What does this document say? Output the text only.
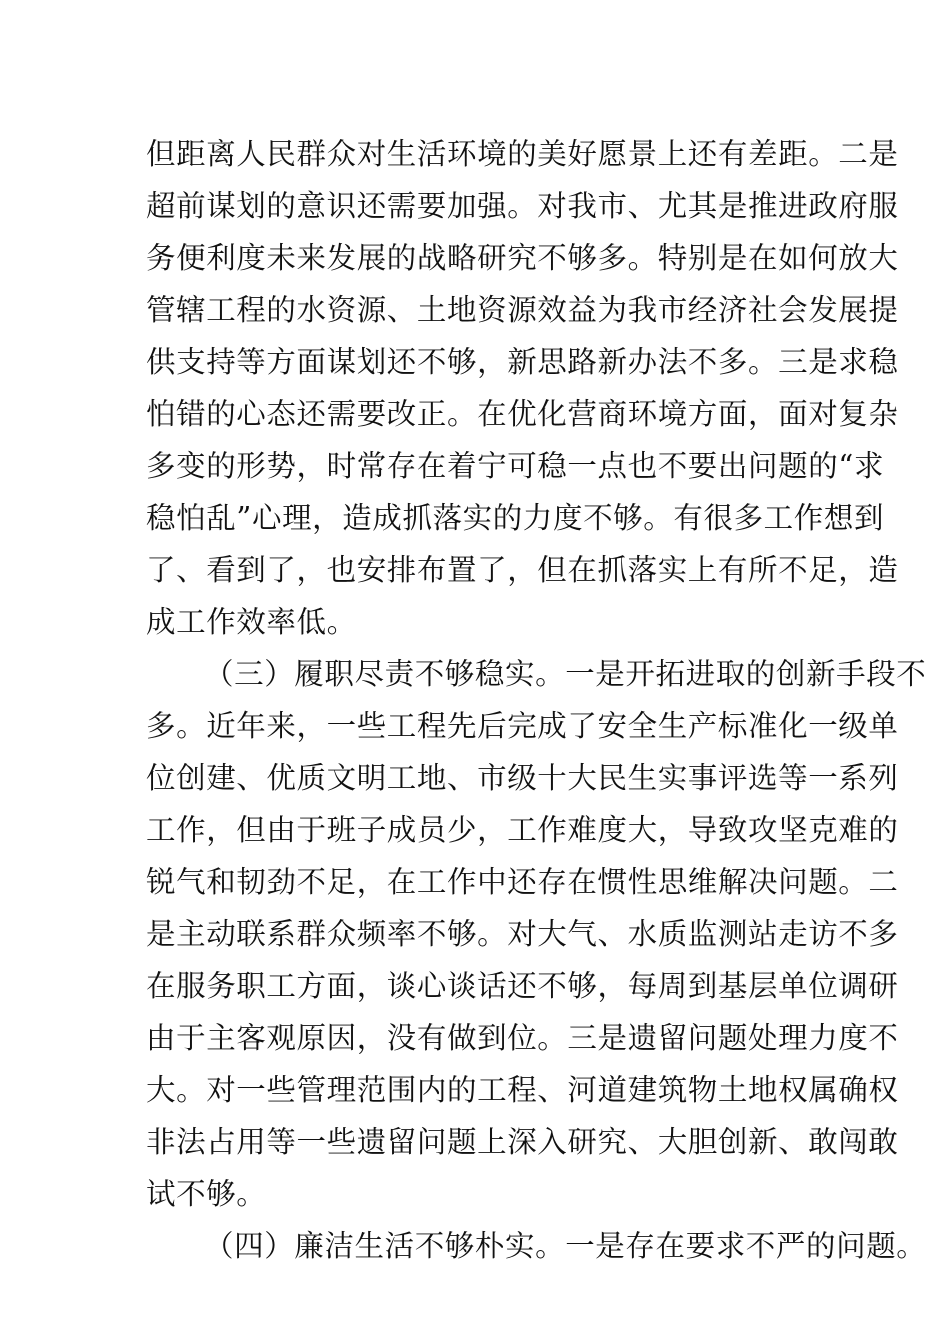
但距离人民群众对生活环境的美好愿景上还有差距。二是
超前谋划的意识还需要加强。对我市、尤其是推进政府服
务便利度未来发展的战略研究不够多。特别是在如何放大
管辖工程的水资源、土地资源效益为我市经济社会发展提
供支持等方面谋划还不够，新思路新办法不多。三是求稳
怕错的心态还需要改正。在优化营商环境方面，面对复杂
多变的形势，时常存在着宁可稳一点也不要出问题的“求
稳怕乱”心理，造成抓落实的力度不够。有很多工作想到
了、看到了，也安排布置了，但在抓落实上有所不足，造
成工作效率低。
（三）履职尽责不够稳实。一是开拓进取的创新手段不
多。近年来，一些工程先后完成了安全生产标准化一级单
位创建、优质文明工地、市级十大民生实事评选等一系列
工作，但由于班子成员少，工作难度大，导致攻坚克难的
锐气和韧劲不足，在工作中还存在惯性思维解决问题。二
是主动联系群众频率不够。对大气、水质监测站走访不多
在服务职工方面，谈心谈话还不够，每周到基层单位调研
由于主客观原因，没有做到位。三是遗留问题处理力度不
大。对一些管理范围内的工程、河道建筑物土地权属确权
非法占用等一些遗留问题上深入研究、大胆创新、敢闯敢
试不够。
（四）廉洁生活不够朴实。一是存在要求不严的问题。
